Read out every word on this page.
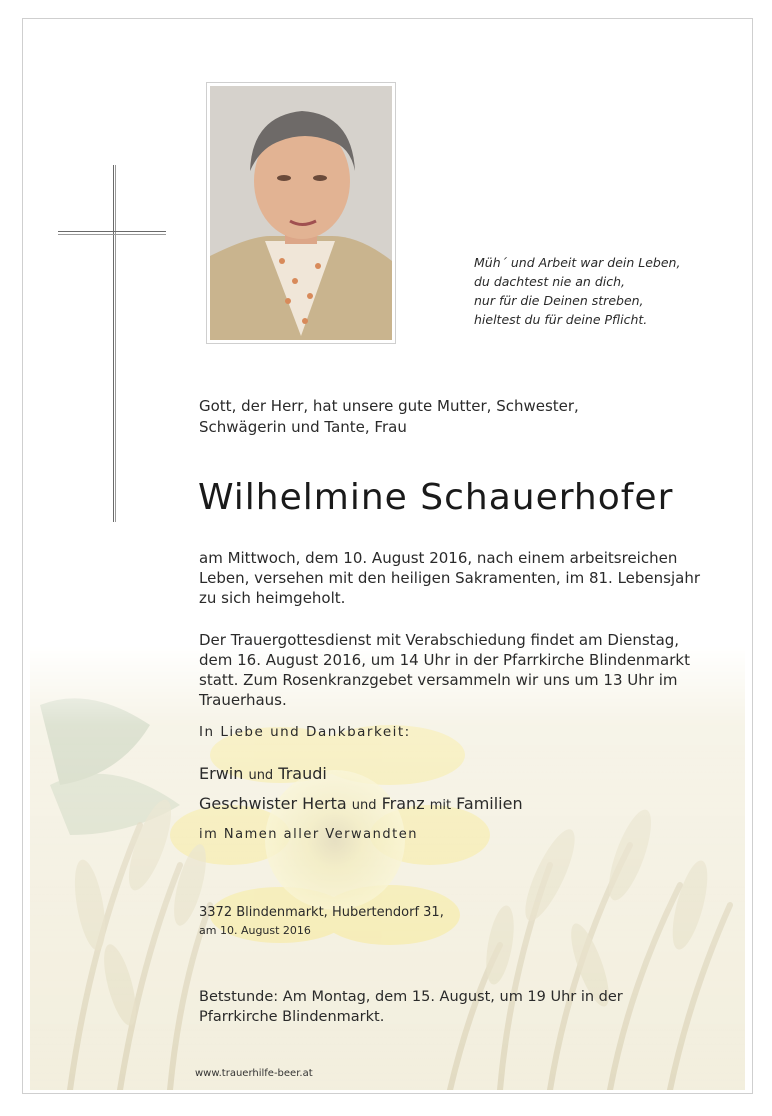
Müh´ und Arbeit war dein Leben,
du dachtest nie an dich,
nur für die Deinen streben,
hieltest du für deine Pflicht.
Gott, der Herr, hat unsere gute Mutter, Schwester, Schwägerin und Tante, Frau
Wilhelmine Schauerhofer
am Mittwoch, dem 10. August 2016, nach einem arbeitsreichen Leben, versehen mit den heiligen Sakramenten, im 81. Lebensjahr zu sich heimgeholt.
Der Trauergottesdienst mit Verabschiedung findet am Dienstag, dem 16. August 2016, um 14 Uhr in der Pfarrkirche Blindenmarkt statt. Zum Rosenkranzgebet versammeln wir uns um 13 Uhr im Trauerhaus.
In Liebe und Dankbarkeit:
Erwin und Traudi
Geschwister Herta und Franz mit Familien
im Namen aller Verwandten
3372 Blindenmarkt, Hubertendorf 31,
am 10. August 2016
Betstunde: Am Montag, dem 15. August, um 19 Uhr in der Pfarrkirche Blindenmarkt.
www.trauerhilfe-beer.at
